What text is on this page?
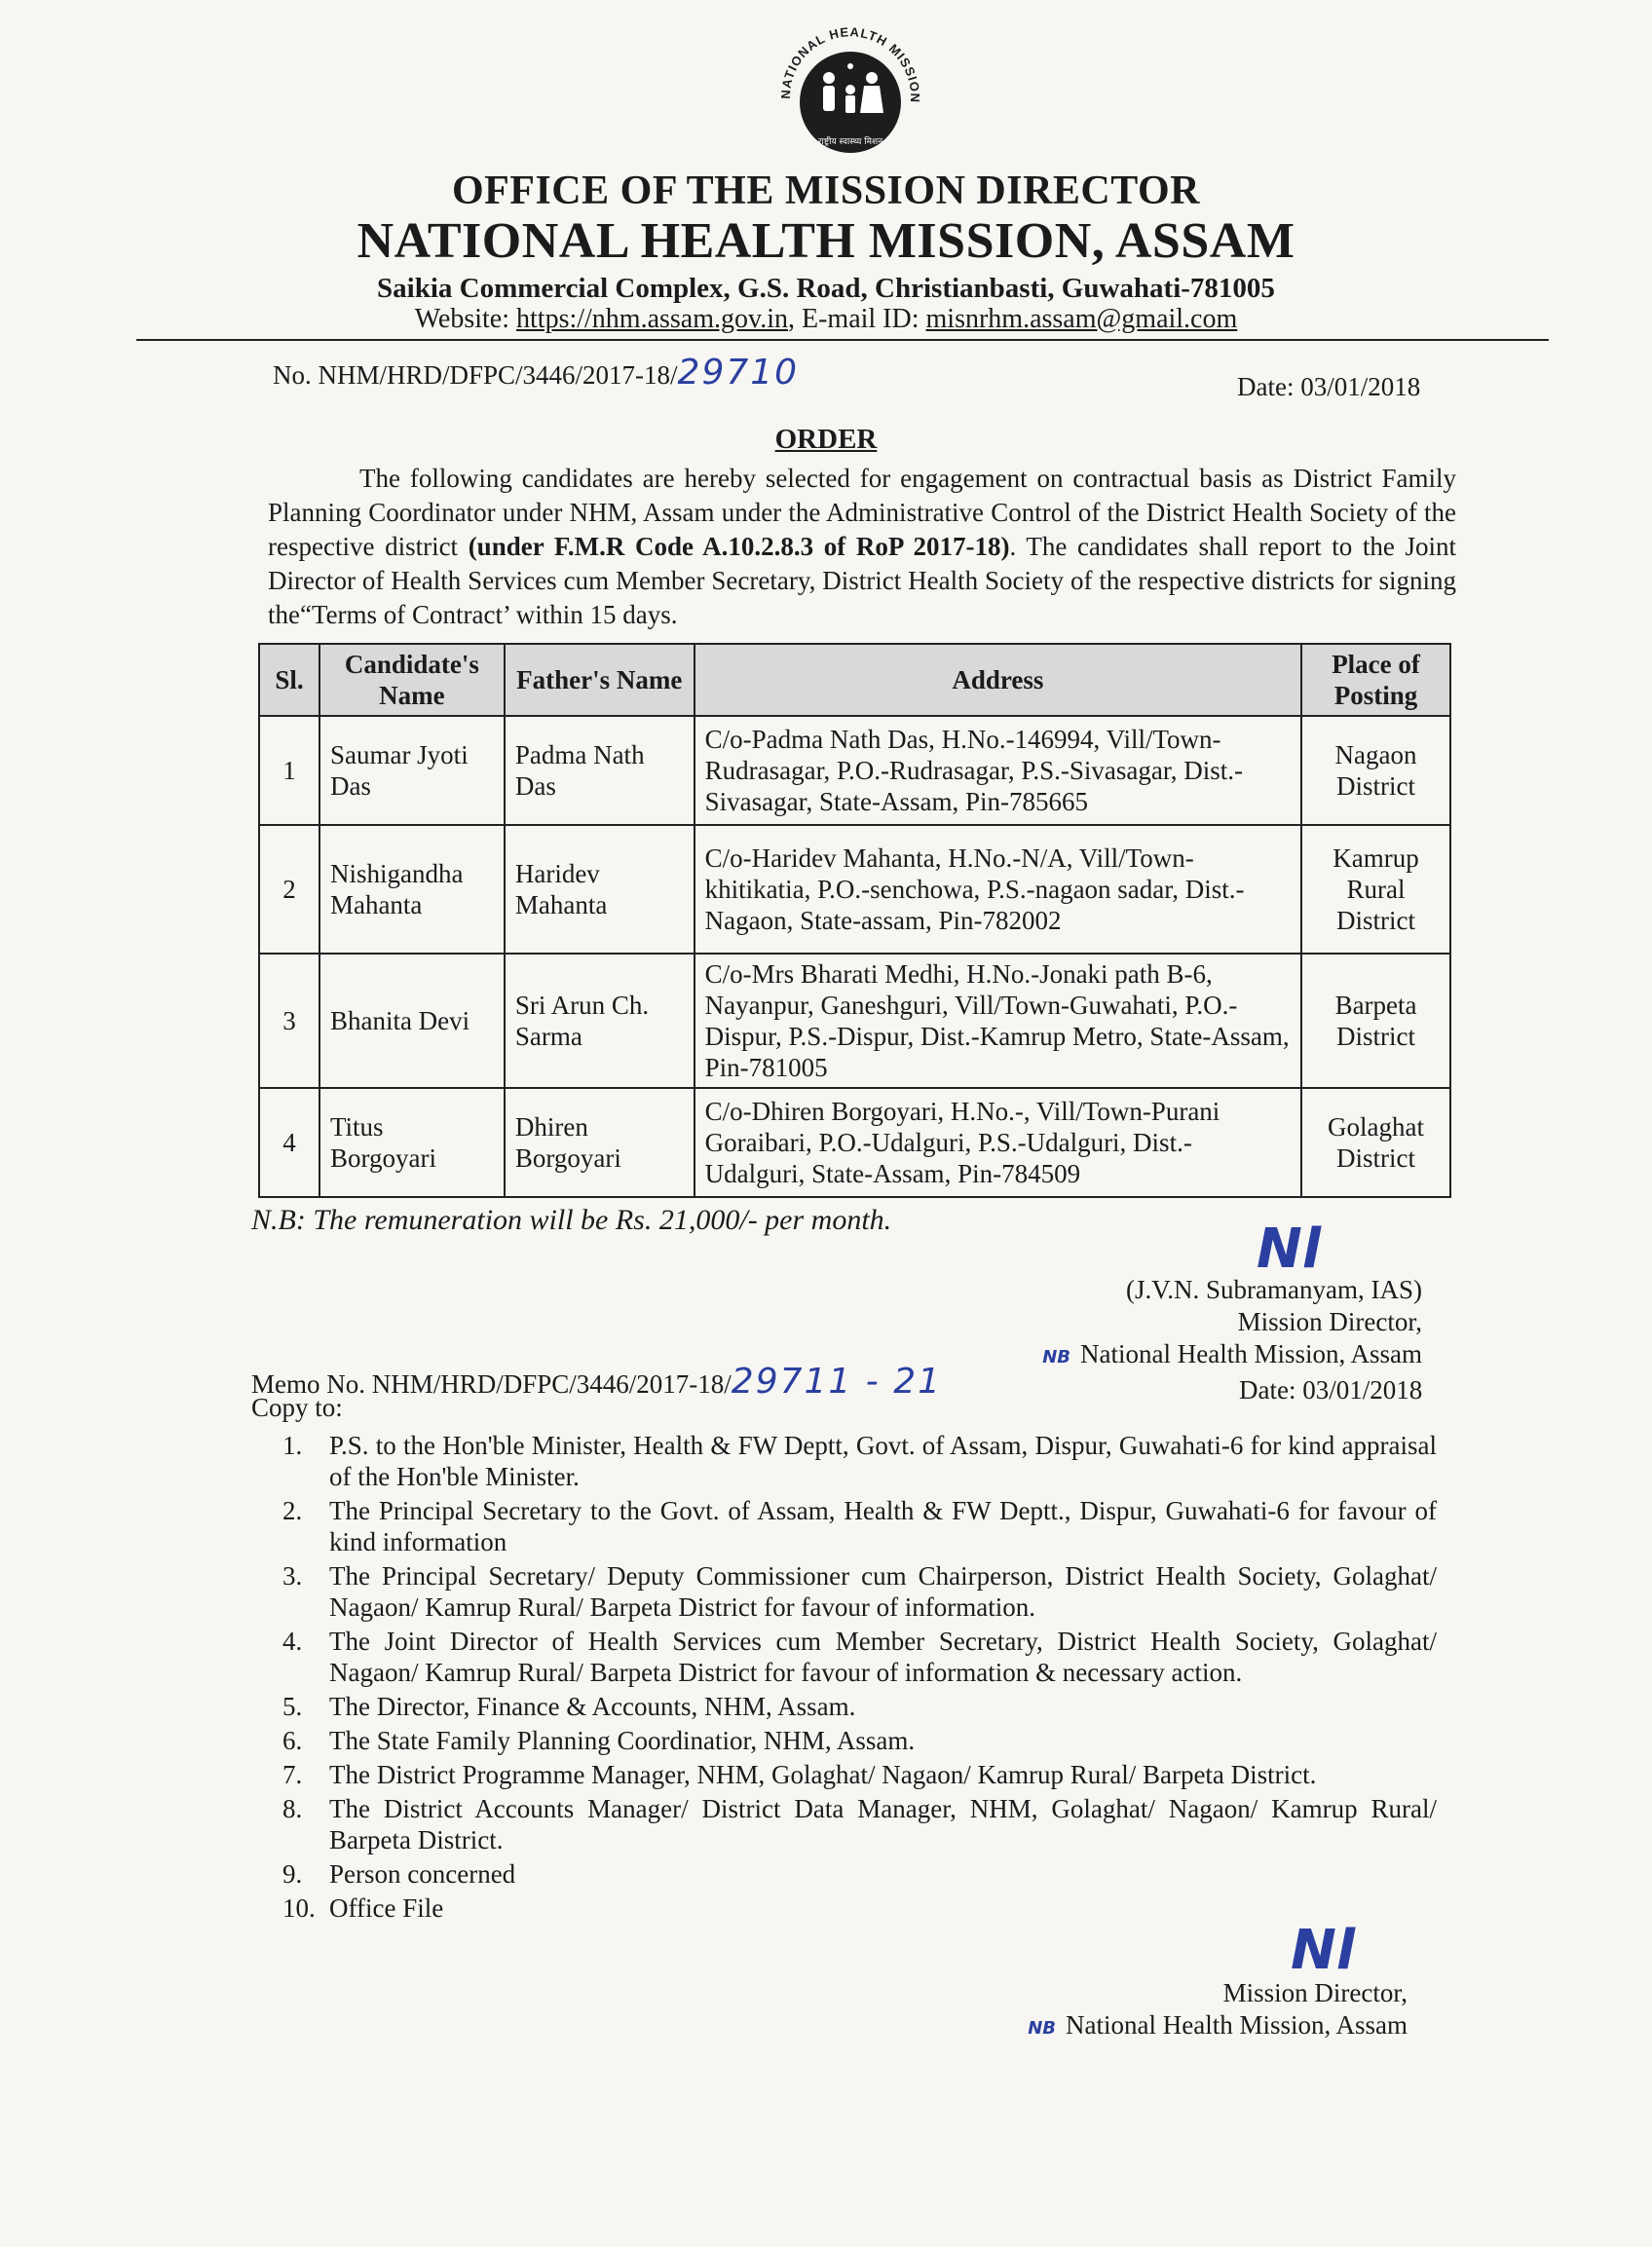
NATIONAL HEALTH MISSION
राष्ट्रीय स्वास्थ्य मिशन
OFFICE OF THE MISSION DIRECTOR
NATIONAL HEALTH MISSION, ASSAM
Saikia Commercial Complex, G.S. Road, Christianbasti, Guwahati-781005
Website: https://nhm.assam.gov.in, E-mail ID: misnrhm.assam@gmail.com
No. NHM/HRD/DFPC/3446/2017-18/29710	Date: 03/01/2018
ORDER
The following candidates are hereby selected for engagement on contractual basis as District Family Planning Coordinator under NHM, Assam under the Administrative Control of the District Health Society of the respective district (under F.M.R Code A.10.2.8.3 of RoP 2017-18). The candidates shall report to the Joint Director of Health Services cum Member Secretary, District Health Society of the respective districts for signing the“Terms of Contract’ within 15 days.
Sl.	Candidate's Name	Father's Name	Address	Place of Posting
1	Saumar Jyoti Das	Padma Nath Das	C/o-Padma Nath Das, H.No.-146994, Vill/Town-Rudrasagar, P.O.-Rudrasagar, P.S.-Sivasagar, Dist.-Sivasagar, State-Assam, Pin-785665	Nagaon District
2	Nishigandha Mahanta	Haridev Mahanta	C/o-Haridev Mahanta, H.No.-N/A, Vill/Town-khitikatia, P.O.-senchowa, P.S.-nagaon sadar, Dist.-Nagaon, State-assam, Pin-782002	Kamrup Rural District
3	Bhanita Devi	Sri Arun Ch. Sarma	C/o-Mrs Bharati Medhi, H.No.-Jonaki path B-6, Nayanpur, Ganeshguri, Vill/Town-Guwahati, P.O.-Dispur, P.S.-Dispur, Dist.-Kamrup Metro, State-Assam, Pin-781005	Barpeta District
4	Titus Borgoyari	Dhiren Borgoyari	C/o-Dhiren Borgoyari, H.No.-, Vill/Town-Purani Goraibari, P.O.-Udalguri, P.S.-Udalguri, Dist.-Udalguri, State-Assam, Pin-784509	Golaghat District
N.B: The remuneration will be Rs. 21,000/- per month.	Nl
(J.V.N. Subramanyam, IAS)
Mission Director,
NB National Health Mission, Assam
Memo No. NHM/HRD/DFPC/3446/2017-18/29711 - 21	Date: 03/01/2018
Copy to:
1.	P.S. to the Hon'ble Minister, Health & FW Deptt, Govt. of Assam, Dispur, Guwahati-6 for kind appraisal of the Hon'ble Minister.
2.	The Principal Secretary to the Govt. of Assam, Health & FW Deptt., Dispur, Guwahati-6 for favour of kind information
3.	The Principal Secretary/ Deputy Commissioner cum Chairperson, District Health Society, Golaghat/ Nagaon/ Kamrup Rural/ Barpeta District for favour of information.
4.	The Joint Director of Health Services cum Member Secretary, District Health Society, Golaghat/ Nagaon/ Kamrup Rural/ Barpeta District for favour of information & necessary action.
5.	The Director, Finance & Accounts, NHM, Assam.
6.	The State Family Planning Coordinatior, NHM, Assam.
7.	The District Programme Manager, NHM, Golaghat/ Nagaon/ Kamrup Rural/ Barpeta District.
8.	The District Accounts Manager/ District Data Manager, NHM, Golaghat/ Nagaon/ Kamrup Rural/ Barpeta District.
9.	Person concerned
10. Office File
Nl
Mission Director,
NB National Health Mission, Assam
